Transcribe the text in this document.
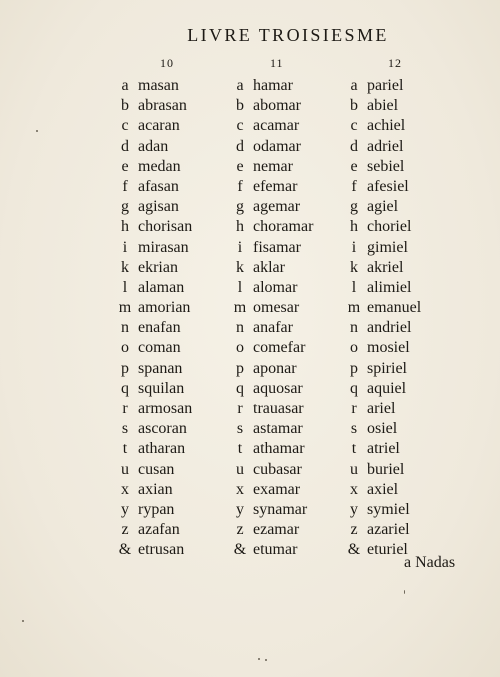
LIVRE TROISIESME
10	11	12
a masan
b abrasan
c acaran
d adan
e medan
f afasan
g agisan
h chorisan
i mirasan
k ekrian
l alaman
m amorian
n enafan
o coman
p spanan
q squilan
r armosan
s ascoran
t atharan
u cusan
x axian
y rypan
z azafan
& etrusan
a hamar
b abomar
c acamar
d odamar
e nemar
f efemar
g agemar
h choramar
i fisamar
k aklar
l alomar
m omesar
n anafar
o comefar
p aponar
q aquosar
r trauasar
s astamar
t athamar
u cubasar
x examar
y synamar
z ezamar
& etumar
a pariel
b abiel
c achiel
d adriel
e sebiel
f afesiel
g agiel
h choriel
i gimiel
k akriel
l alimiel
m emanuel
n andriel
o mosiel
p spiriel
q aquiel
r ariel
s osiel
t atriel
u buriel
x axiel
y symiel
z azariel
& eturiel
a Nadas
